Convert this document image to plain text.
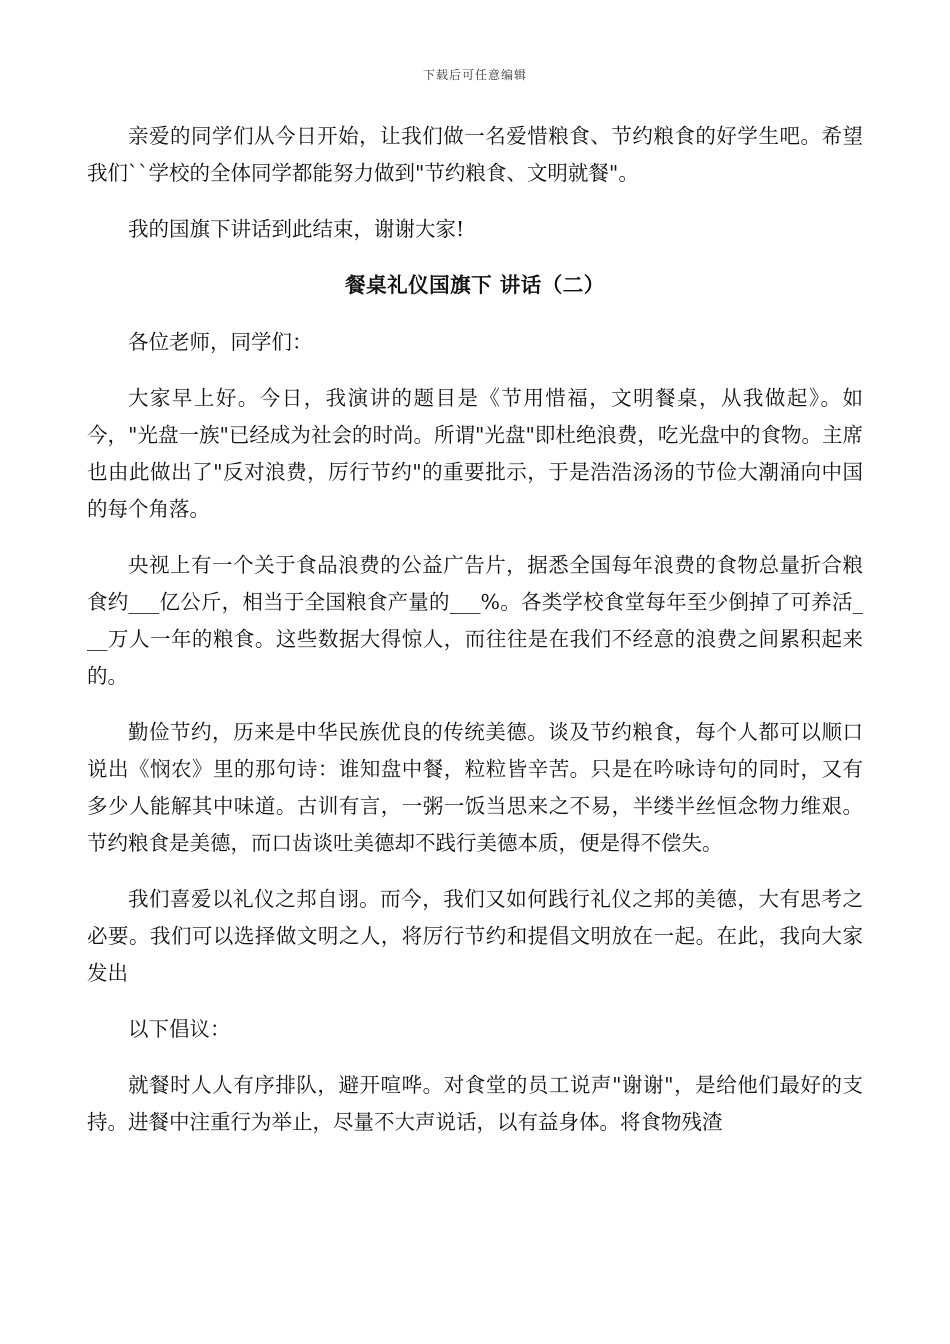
下载后可任意编辑

亲爱的同学们从今日开始，让我们做一名爱惜粮食、节约粮食的好学生吧。希望我们``学校的全体同学都能努力做到"节约粮食、文明就餐"。

我的国旗下讲话到此结束，谢谢大家!

餐桌礼仪国旗下 讲话（二）

各位老师，同学们：

大家早上好。今日，我演讲的题目是《节用惜福，文明餐桌，从我做起》。如今，"光盘一族"已经成为社会的时尚。所谓"光盘"即杜绝浪费，吃光盘中的食物。主席也由此做出了"反对浪费，厉行节约"的重要批示，于是浩浩汤汤的节俭大潮涌向中国的每个角落。

央视上有一个关于食品浪费的公益广告片，据悉全国每年浪费的食物总量折合粮食约___亿公斤，相当于全国粮食产量的___%。各类学校食堂每年至少倒掉了可养活___万人一年的粮食。这些数据大得惊人，而往往是在我们不经意的浪费之间累积起来的。

勤俭节约，历来是中华民族优良的传统美德。谈及节约粮食，每个人都可以顺口说出《悯农》里的那句诗：谁知盘中餐，粒粒皆辛苦。只是在吟咏诗句的同时，又有多少人能解其中味道。古训有言，一粥一饭当思来之不易，半缕半丝恒念物力维艰。节约粮食是美德，而口齿谈吐美德却不践行美德本质，便是得不偿失。

我们喜爱以礼仪之邦自诩。而今，我们又如何践行礼仪之邦的美德，大有思考之必要。我们可以选择做文明之人，将厉行节约和提倡文明放在一起。在此，我向大家发出

以下倡议：

就餐时人人有序排队，避开喧哗。对食堂的员工说声"谢谢"，是给他们最好的支持。进餐中注重行为举止，尽量不大声说话，以有益身体。将食物残渣
